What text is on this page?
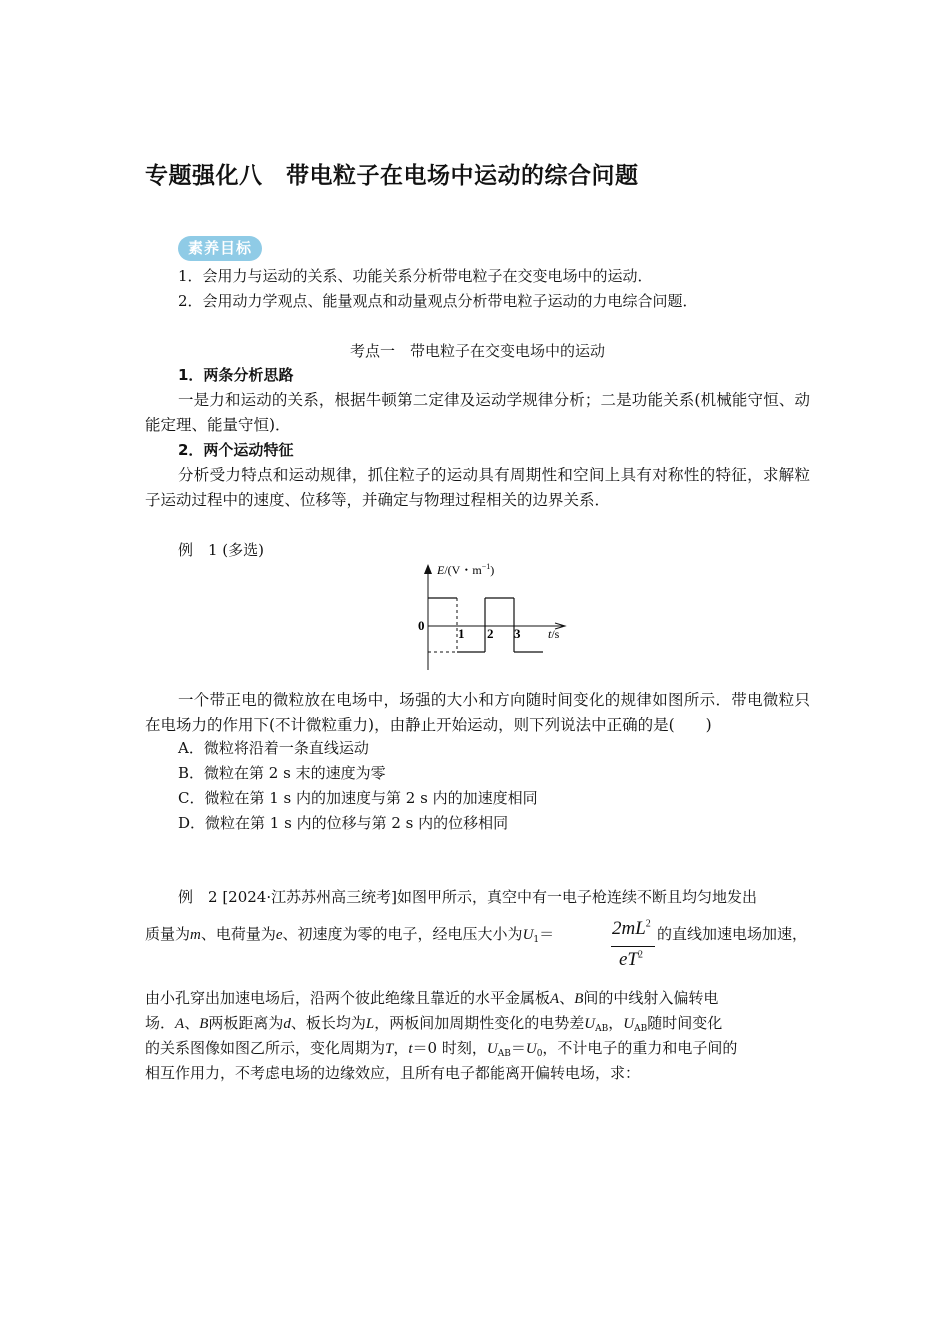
专题强化八　带电粒子在电场中运动的综合问题
素养目标
1．会用力与运动的关系、功能关系分析带电粒子在交变电场中的运动．
2．会用动力学观点、能量观点和动量观点分析带电粒子运动的力电综合问题．
考点一　带电粒子在交变电场中的运动
1．两条分析思路
一是力和运动的关系，根据牛顿第二定律及运动学规律分析；二是功能关系(机械能守恒、动能定理、能量守恒)．
2．两个运动特征
分析受力特点和运动规律，抓住粒子的运动具有周期性和空间上具有对称性的特征，求解粒子运动过程中的速度、位移等，并确定与物理过程相关的边界关系．
例　1 (多选)
E/(V・$m^{-1}$)
0
1 2 3 t/s
一个带正电的微粒放在电场中，场强的大小和方向随时间变化的规律如图所示．带电微粒只在电场力的作用下(不计微粒重力)，由静止开始运动，则下列说法中正确的是(　　)
A．微粒将沿着一条直线运动
B．微粒在第 2 s 末的速度为零
C．微粒在第 1 s 内的加速度与第 2 s 内的加速度相同
D．微粒在第 1 s 内的位移与第 2 s 内的位移相同
例　2 [2024·江苏苏州高三统考]如图甲所示，真空中有一电子枪连续不断且均匀地发出
质量为m、电荷量为e、初速度为零的电子，经电压大小为$U_1=$	$2mL^2$
$eT^2$
的直线加速电场加速，
由小孔穿出加速电场后，沿两个彼此绝缘且靠近的水平金属板A、B间的中线射入偏转电
场．A、B两板距离为d、板长均为L，两板间加周期性变化的电势差$U_{AB}$，$U_{AB}$随时间变化
的关系图像如图乙所示，变化周期为T，t＝0 时刻，$U_{AB}=U_0$，不计电子的重力和电子间的
相互作用力，不考虑电场的边缘效应，且所有电子都能离开偏转电场，求：
